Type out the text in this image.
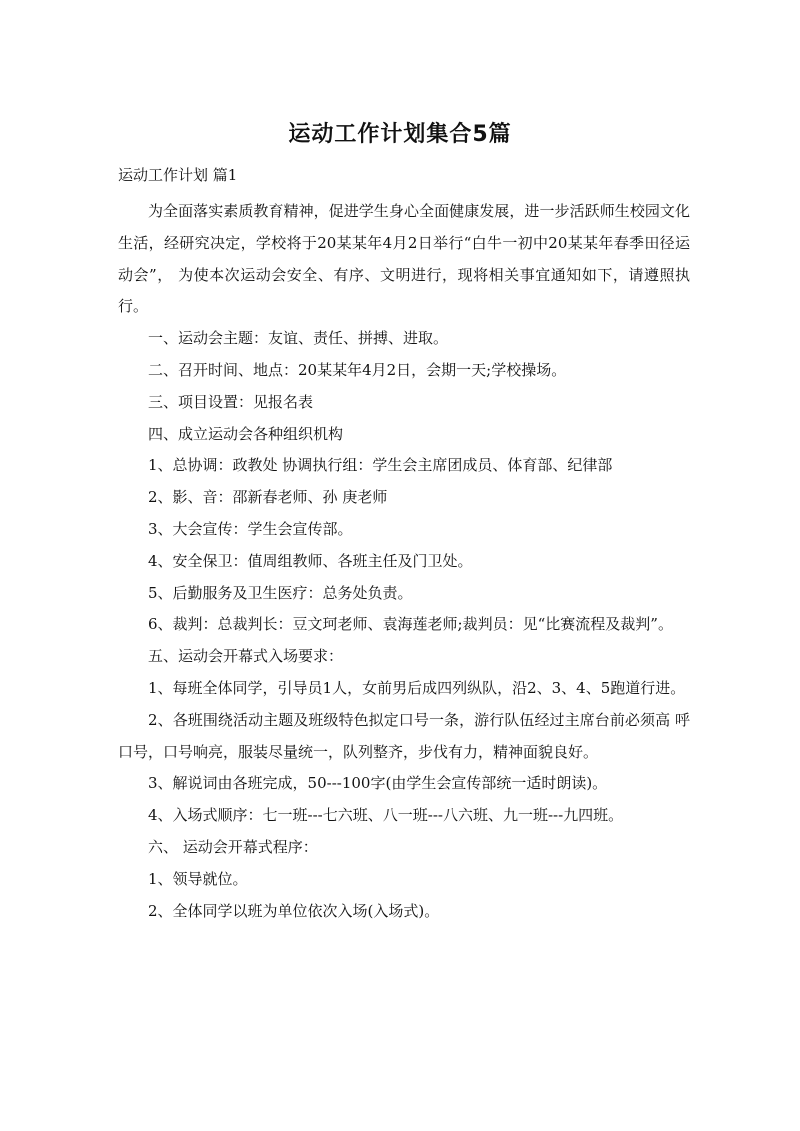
运动工作计划集合5篇
运动工作计划 篇1

为全面落实素质教育精神，促进学生身心全面健康发展，进一步活跃师生校园文化生活，经研究决定，学校将于20某某年4月2日举行“白牛一初中20某某年春季田径运动会”， 为使本次运动会安全、有序、文明进行，现将相关事宜通知如下，请遵照执行。

一、运动会主题：友谊、责任、拼搏、进取。

二、召开时间、地点：20某某年4月2日，会期一天;学校操场。

三、项目设置：见报名表

四、成立运动会各种组织机构

1、总协调：政教处 协调执行组：学生会主席团成员、体育部、纪律部

2、影、音：邵新春老师、孙 庚老师

3、大会宣传：学生会宣传部。

4、安全保卫：值周组教师、各班主任及门卫处。

5、后勤服务及卫生医疗：总务处负责。

6、裁判：总裁判长：豆文珂老师、袁海莲老师;裁判员：见“比赛流程及裁判”。

五、运动会开幕式入场要求：

1、每班全体同学，引导员1人，女前男后成四列纵队，沿2、3、4、5跑道行进。

2、各班围绕活动主题及班级特色拟定口号一条，游行队伍经过主席台前必须高 呼口号，口号响亮，服装尽量统一，队列整齐，步伐有力，精神面貌良好。

3、解说词由各班完成，50---100字(由学生会宣传部统一适时朗读)。

4、入场式顺序：七一班---七六班、八一班---八六班、九一班---九四班。

六、 运动会开幕式程序：

1、领导就位。

2、全体同学以班为单位依次入场(入场式)。
